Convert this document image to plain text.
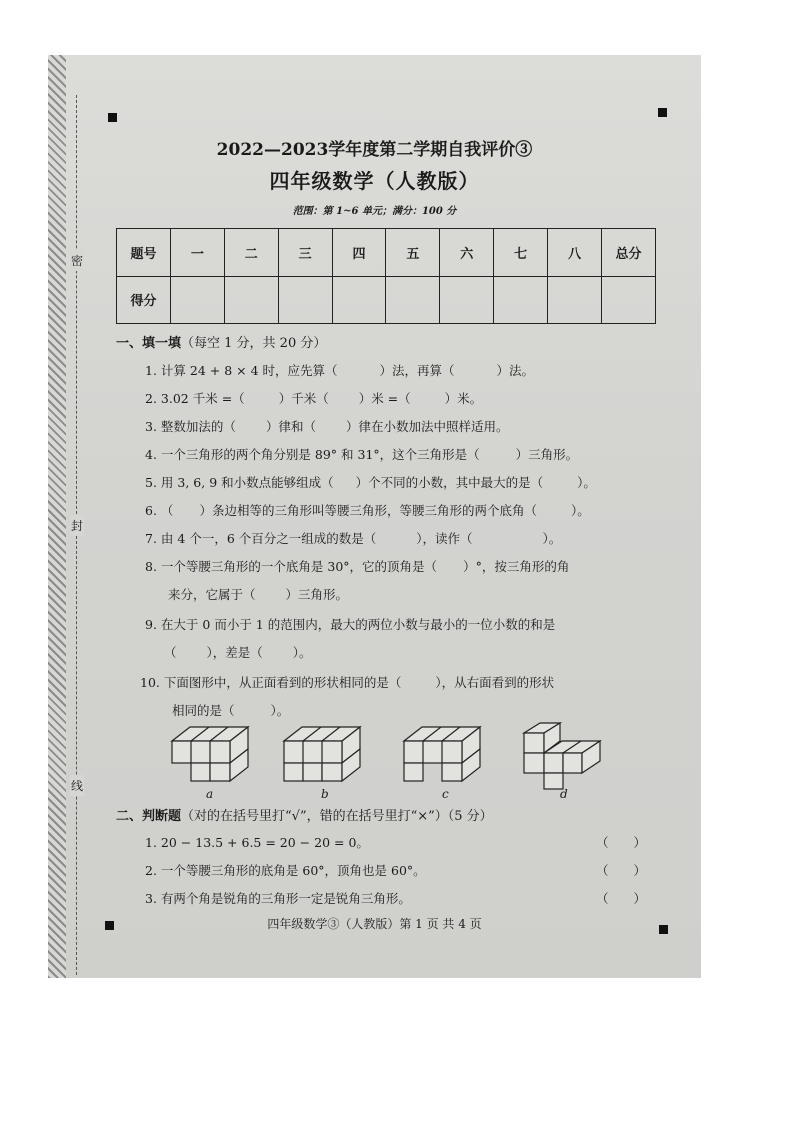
密
封
线
2022—2023学年度第二学期自我评价③
四年级数学（人教版）
范围：第 1~6 单元；满分：100 分
题号	一	二	三	四	五	六	七	八	总分
得分									
一、填一填（每空 1 分，共 20 分）
1. 计算 24 + 8 × 4 时，应先算（	）法，再算（	）法。
2. 3.02 千米 =（	）千米（ ）米 =（	）米。
3. 整数加法的（ ）律和（ ）律在小数加法中照样适用。
4. 一个三角形的两个角分别是 89° 和 31°，这个三角形是（	）三角形。
5. 用 3, 6, 9 和小数点能够组成（ ）个不同的小数，其中最大的是（	）。
6. （ ）条边相等的三角形叫等腰三角形，等腰三角形的两个底角（	）。
7. 由 4 个一，6 个百分之一组成的数是（	），读作（	）。
8. 一个等腰三角形的一个底角是 30°，它的顶角是（ ）°，按三角形的角
来分，它属于（ ）三角形。
9. 在大于 0 而小于 1 的范围内，最大的两位小数与最小的一位小数的和是
（ ），差是（ ）。
10. 下面图形中，从正面看到的形状相同的是（	），从右面看到的形状
相同的是（	）。
a	b	c	d
二、判断题（对的在括号里打“√”，错的在括号里打“×”）（5 分）
1. 20 − 13.5 + 6.5 = 20 − 20 = 0。	（　　）
2. 一个等腰三角形的底角是 60°，顶角也是 60°。	（　　）
3. 有两个角是锐角的三角形一定是锐角三角形。	（　　）
四年级数学③（人教版）第 1 页 共 4 页
